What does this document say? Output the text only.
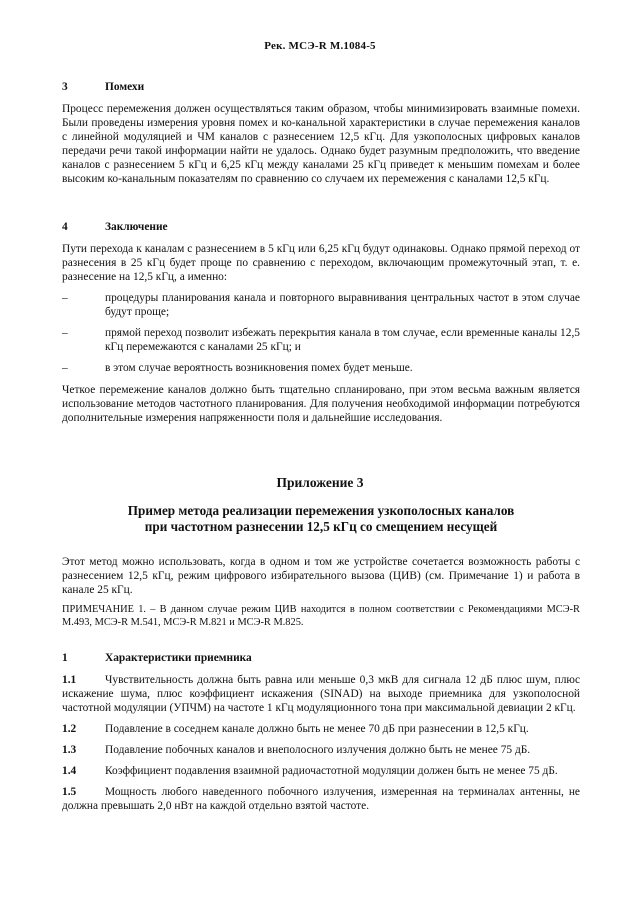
Рек. МСЭ-R M.1084-5
3	Помехи

Процесс перемежения должен осуществляться таким образом, чтобы минимизировать взаимные помехи. Были проведены измерения уровня помех и ко-канальной характеристики в случае перемежения каналов с линейной модуляцией и ЧМ каналов с разнесением 12,5 кГц. Для узкополосных цифровых каналов передачи речи такой информации найти не удалось. Однако будет разумным предположить, что введение каналов с разнесением 5 кГц и 6,25 кГц между каналами 25 кГц приведет к меньшим помехам и более высоким ко-канальным показателям по сравнению со случаем их перемежения с каналами 12,5 кГц.

4	Заключение

Пути перехода к каналам с разнесением в 5 кГц или 6,25 кГц будут одинаковы. Однако прямой переход от разнесения в 25 кГц будет проще по сравнению с переходом, включающим промежуточный этап, т. е. разнесение на 12,5 кГц, а именно:

–	процедуры планирования канала и повторного выравнивания центральных частот в этом случае будут проще;
–	прямой переход позволит избежать перекрытия канала в том случае, если временные каналы 12,5 кГц перемежаются с каналами 25 кГц; и
–	в этом случае вероятность возникновения помех будет меньше.

Четкое перемежение каналов должно быть тщательно спланировано, при этом весьма важным является использование методов частотного планирования. Для получения необходимой информации потребуются дополнительные измерения напряженности поля и дальнейшие исследования.

Приложение 3
Пример метода реализации перемежения узкополосных каналов
при частотном разнесении 12,5 кГц со смещением несущей

Этот метод можно использовать, когда в одном и том же устройстве сочетается возможность работы с разнесением 12,5 кГц, режим цифрового избирательного вызова (ЦИВ) (см. Примечание 1) и работа в канале 25 кГц.

ПРИМЕЧАНИЕ 1. – В данном случае режим ЦИВ находится в полном соответствии с Рекомендациями МСЭ-R M.493, МСЭ-R M.541, МСЭ-R M.821 и МСЭ-R M.825.

1	Характеристики приемника

1.1	Чувствительность должна быть равна или меньше 0,3 мкВ для сигнала 12 дБ плюс шум, плюс искажение шума, плюс коэффициент искажения (SINAD) на выходе приемника для узкополосной частотной модуляции (УПЧМ) на частоте 1 кГц модуляционного тона при максимальной девиации 2 кГц.

1.2	Подавление в соседнем канале должно быть не менее 70 дБ при разнесении в 12,5 кГц.

1.3	Подавление побочных каналов и внеполосного излучения должно быть не менее 75 дБ.

1.4	Коэффициент подавления взаимной радиочастотной модуляции должен быть не менее 75 дБ.

1.5	Мощность любого наведенного побочного излучения, измеренная на терминалах антенны, не должна превышать 2,0 нВт на каждой отдельно взятой частоте.
